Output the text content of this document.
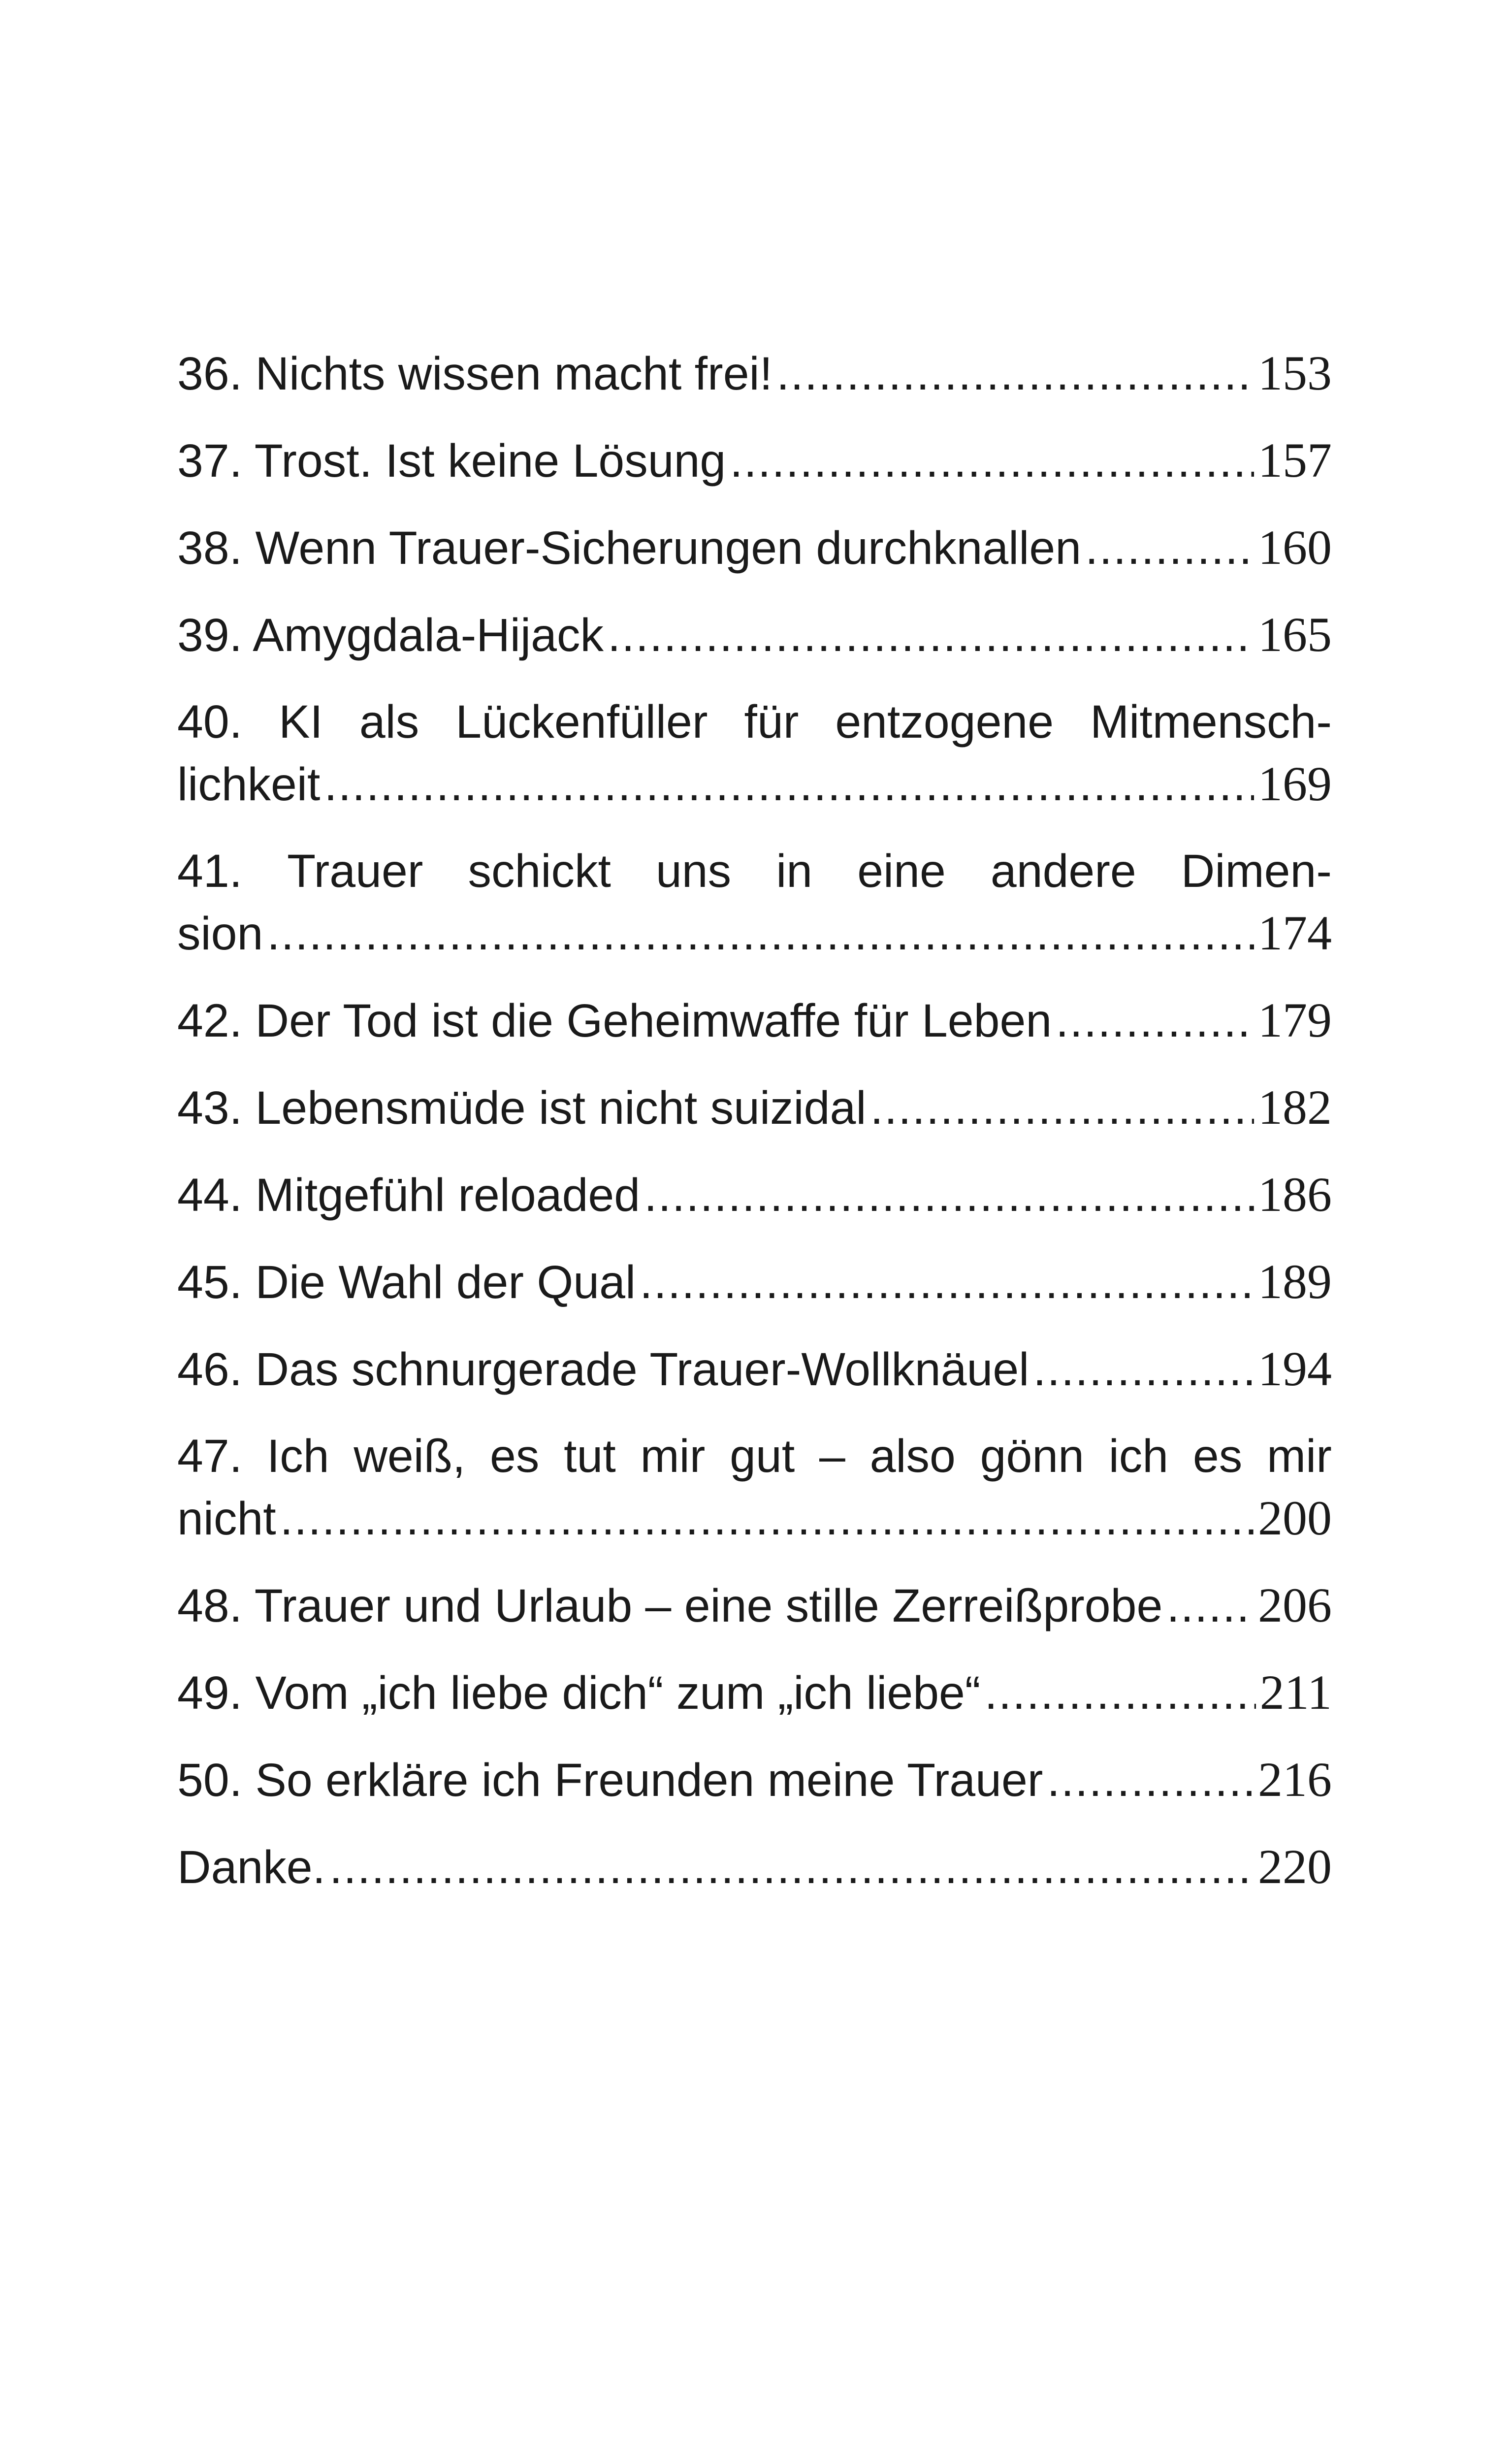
36. Nichts wissen macht frei! .....	153
37. Trost. Ist keine Lösung .....	157
38. Wenn Trauer-Sicherungen durchknallen .....	160
39. Amygdala-Hijack .....	165
40. KI als Lückenfüller für entzogene Mitmensch-
lichkeit .....	169
41. Trauer schickt uns in eine andere Dimen-
sion .....	174
42. Der Tod ist die Geheimwaffe für Leben .....	179
43. Lebensmüde ist nicht suizidal .....	182
44. Mitgefühl reloaded .....	186
45. Die Wahl der Qual .....	189
46. Das schnurgerade Trauer-Wollknäuel .....	194
47. Ich weiß, es tut mir gut – also gönn ich es mir
nicht .....	200
48. Trauer und Urlaub – eine stille Zerreißprobe ..... 206
49. Vom „ich liebe dich“ zum „ich liebe“ .....	211
50. So erkläre ich Freunden meine Trauer .....	216
Danke. .....	220
